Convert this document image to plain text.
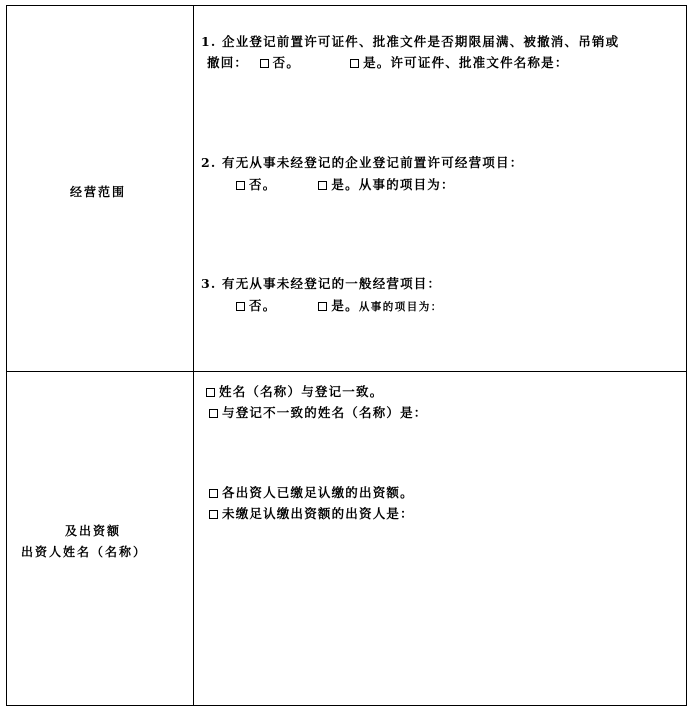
经营范围
1. 企业登记前置许可证件、批准文件是否期限届满、被撤消、吊销或
撤回： 否。	是。许可证件、批准文件名称是：
2. 有无从事未经登记的企业登记前置许可经营项目：
否。	是。从事的项目为：
3. 有无从事未经登记的一般经营项目：
否。	是。从事的项目为：
及出资额
出资人姓名（名称）
姓名（名称）与登记一致。
与登记不一致的姓名（名称）是：
各出资人已缴足认缴的出资额。
未缴足认缴出资额的出资人是：
